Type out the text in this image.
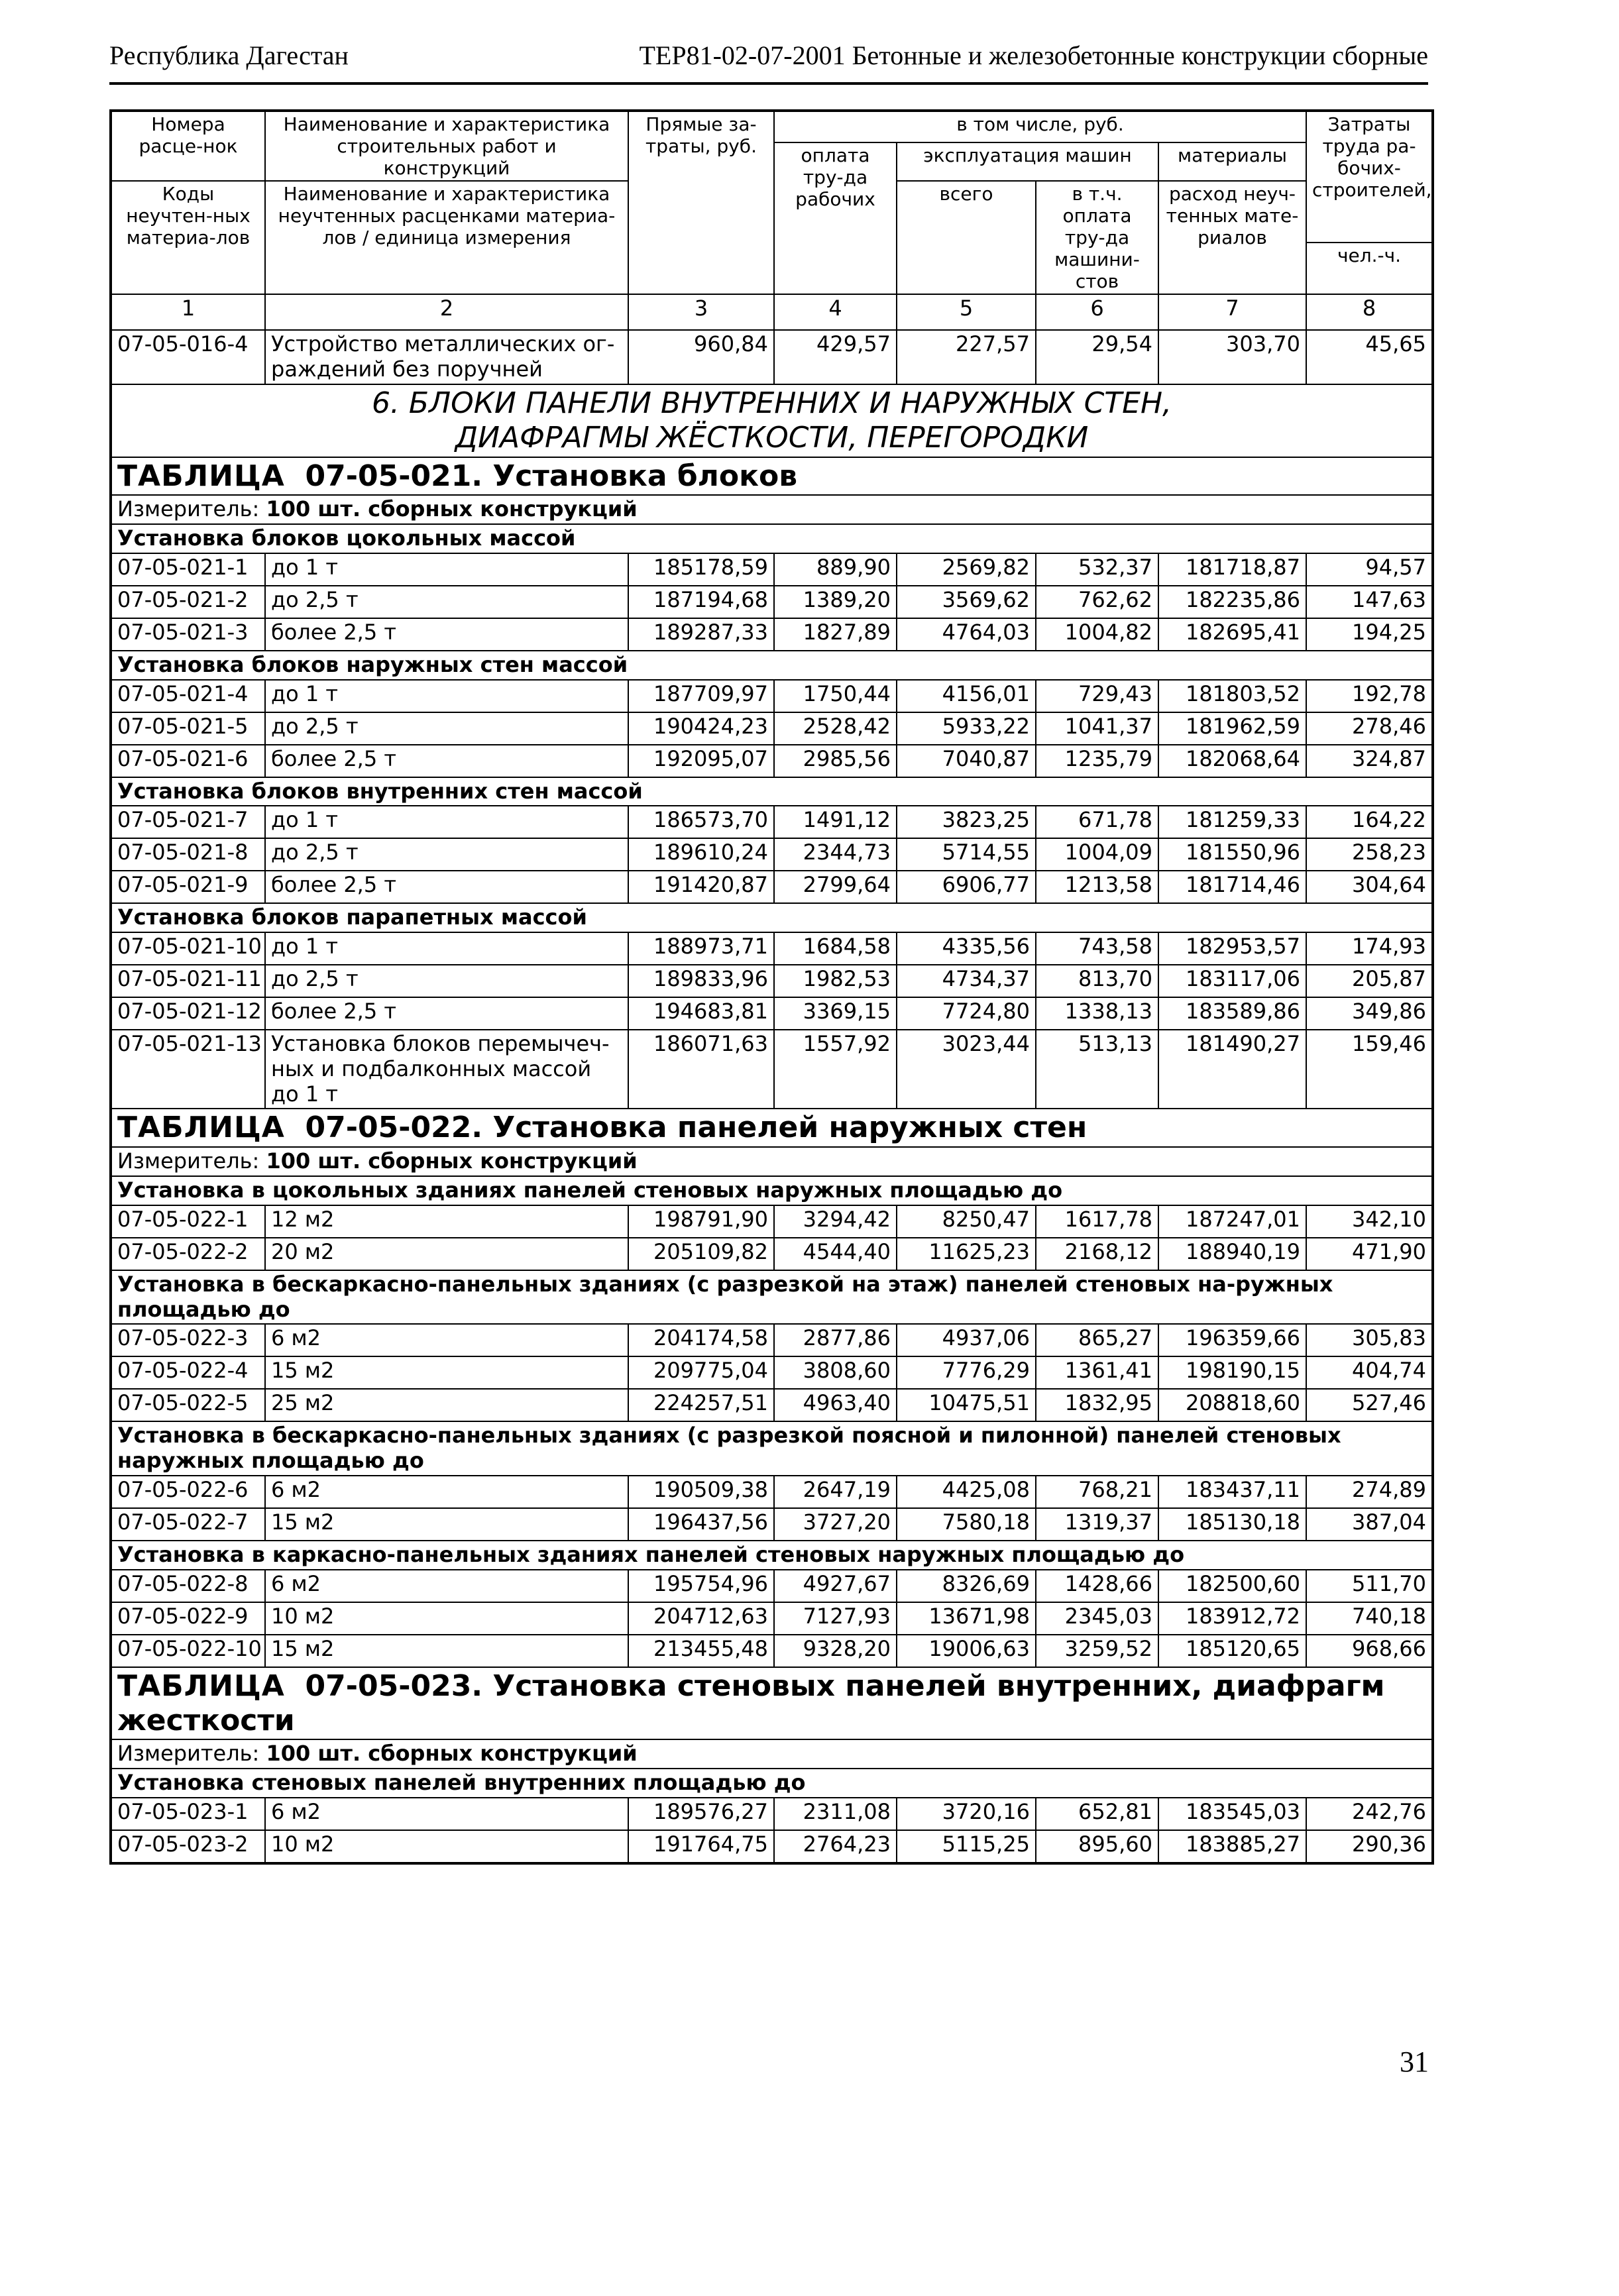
Республика Дагестан	ТЕР81-02-07-2001 Бетонные и железобетонные конструкции сборные
Номера расце-нок	Наименование и характеристика строительных работ и конструкций	Прямые за-траты, руб.	в том числе, руб.				Затраты труда ра-бочих-строителей,
			оплата тру-да рабочих	эксплуатация машин		материалы	
Коды неучтен-ных материа-лов	Наименование и характеристика неучтенных расценками материа-лов / единица измерения			всего	в т.ч. оплата тру-да машини-стов	расход неуч-тенных мате-риалов	
							чел.-ч.
1	2	3	4	5	6	7	8
07-05-016-4	Устройство металлических ог-раждений без поручней	960,84	429,57	227,57	29,54	303,70	45,65

6. БЛОКИ ПАНЕЛИ ВНУТРЕННИХ И НАРУЖНЫХ СТЕН,
ДИАФРАГМЫ ЖЁСТКОСТИ, ПЕРЕГОРОДКИ							

ТАБЛИЦА 07-05-021. Установка блоков							
Измеритель: 100 шт. сборных конструкций							
Установка блоков цокольных массой							
07-05-021-1	до 1 т	185178,59	889,90	2569,82	532,37	181718,87	94,57
07-05-021-2	до 2,5 т	187194,68	1389,20	3569,62	762,62	182235,86	147,63
07-05-021-3	более 2,5 т	189287,33	1827,89	4764,03	1004,82	182695,41	194,25
Установка блоков наружных стен массой							
07-05-021-4	до 1 т	187709,97	1750,44	4156,01	729,43	181803,52	192,78
07-05-021-5	до 2,5 т	190424,23	2528,42	5933,22	1041,37	181962,59	278,46
07-05-021-6	более 2,5 т	192095,07	2985,56	7040,87	1235,79	182068,64	324,87
Установка блоков внутренних стен массой							
07-05-021-7	до 1 т	186573,70	1491,12	3823,25	671,78	181259,33	164,22
07-05-021-8	до 2,5 т	189610,24	2344,73	5714,55	1004,09	181550,96	258,23
07-05-021-9	более 2,5 т	191420,87	2799,64	6906,77	1213,58	181714,46	304,64
Установка блоков парапетных массой							
07-05-021-10	до 1 т	188973,71	1684,58	4335,56	743,58	182953,57	174,93
07-05-021-11	до 2,5 т	189833,96	1982,53	4734,37	813,70	183117,06	205,87
07-05-021-12	более 2,5 т	194683,81	3369,15	7724,80	1338,13	183589,86	349,86
07-05-021-13	Установка блоков перемычеч-ных и подбалконных массой до 1 т	186071,63	1557,92	3023,44	513,13	181490,27	159,46
ТАБЛИЦА 07-05-022. Установка панелей наружных стен							
Измеритель: 100 шт. сборных конструкций							
Установка в цокольных зданиях панелей стеновых наружных площадью до							
07-05-022-1	12 м2	198791,90	3294,42	8250,47	1617,78	187247,01	342,10
07-05-022-2	20 м2	205109,82	4544,40	11625,23	2168,12	188940,19	471,90
Установка в бескаркасно-панельных зданиях (с разрезкой на этаж) панелей стеновых на-ружных площадью до							
07-05-022-3	6 м2	204174,58	2877,86	4937,06	865,27	196359,66	305,83
07-05-022-4	15 м2	209775,04	3808,60	7776,29	1361,41	198190,15	404,74
07-05-022-5	25 м2	224257,51	4963,40	10475,51	1832,95	208818,60	527,46
Установка в бескаркасно-панельных зданиях (с разрезкой поясной и пилонной) панелей стеновых наружных площадью до							
07-05-022-6	6 м2	190509,38	2647,19	4425,08	768,21	183437,11	274,89
07-05-022-7	15 м2	196437,56	3727,20	7580,18	1319,37	185130,18	387,04
Установка в каркасно-панельных зданиях панелей стеновых наружных площадью до							
07-05-022-8	6 м2	195754,96	4927,67	8326,69	1428,66	182500,60	511,70
07-05-022-9	10 м2	204712,63	7127,93	13671,98	2345,03	183912,72	740,18
07-05-022-10	15 м2	213455,48	9328,20	19006,63	3259,52	185120,65	968,66
ТАБЛИЦА 07-05-023. Установка стеновых панелей внутренних, диафрагм жесткости							
Измеритель: 100 шт. сборных конструкций							
Установка стеновых панелей внутренних площадью до							
07-05-023-1	6 м2	189576,27	2311,08	3720,16	652,81	183545,03	242,76
07-05-023-2	10 м2	191764,75	2764,23	5115,25	895,60	183885,27	290,36
31
